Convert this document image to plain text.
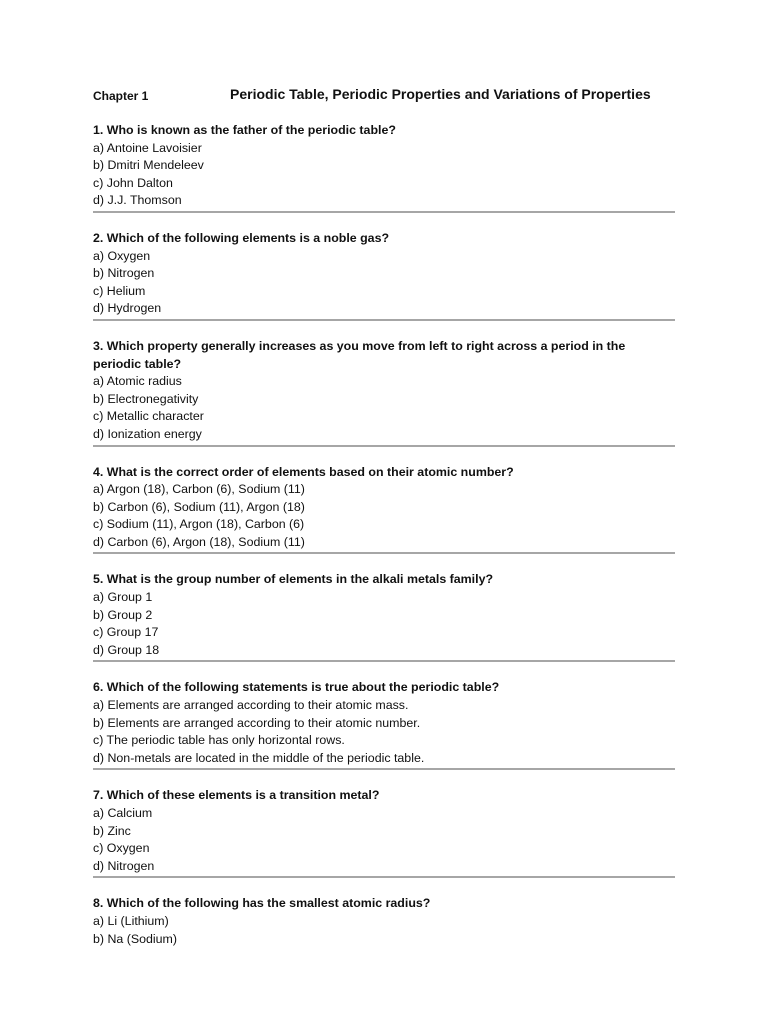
Chapter 1	Periodic Table, Periodic Properties and Variations of Properties

1. Who is known as the father of the periodic table?

a) Antoine Lavoisier

b) Dmitri Mendeleev

c) John Dalton

d) J.J. Thomson

2. Which of the following elements is a noble gas?

a) Oxygen

b) Nitrogen

c) Helium

d) Hydrogen

3. Which property generally increases as you move from left to right across a period in the periodic table?

a) Atomic radius

b) Electronegativity

c) Metallic character

d) Ionization energy

4. What is the correct order of elements based on their atomic number?

a) Argon (18), Carbon (6), Sodium (11)

b) Carbon (6), Sodium (11), Argon (18)

c) Sodium (11), Argon (18), Carbon (6)

d) Carbon (6), Argon (18), Sodium (11)

5. What is the group number of elements in the alkali metals family?

a) Group 1

b) Group 2

c) Group 17

d) Group 18

6. Which of the following statements is true about the periodic table?

a) Elements are arranged according to their atomic mass.

b) Elements are arranged according to their atomic number.

c) The periodic table has only horizontal rows.

d) Non-metals are located in the middle of the periodic table.

7. Which of these elements is a transition metal?

a) Calcium

b) Zinc

c) Oxygen

d) Nitrogen

8. Which of the following has the smallest atomic radius?

a) Li (Lithium)

b) Na (Sodium)
